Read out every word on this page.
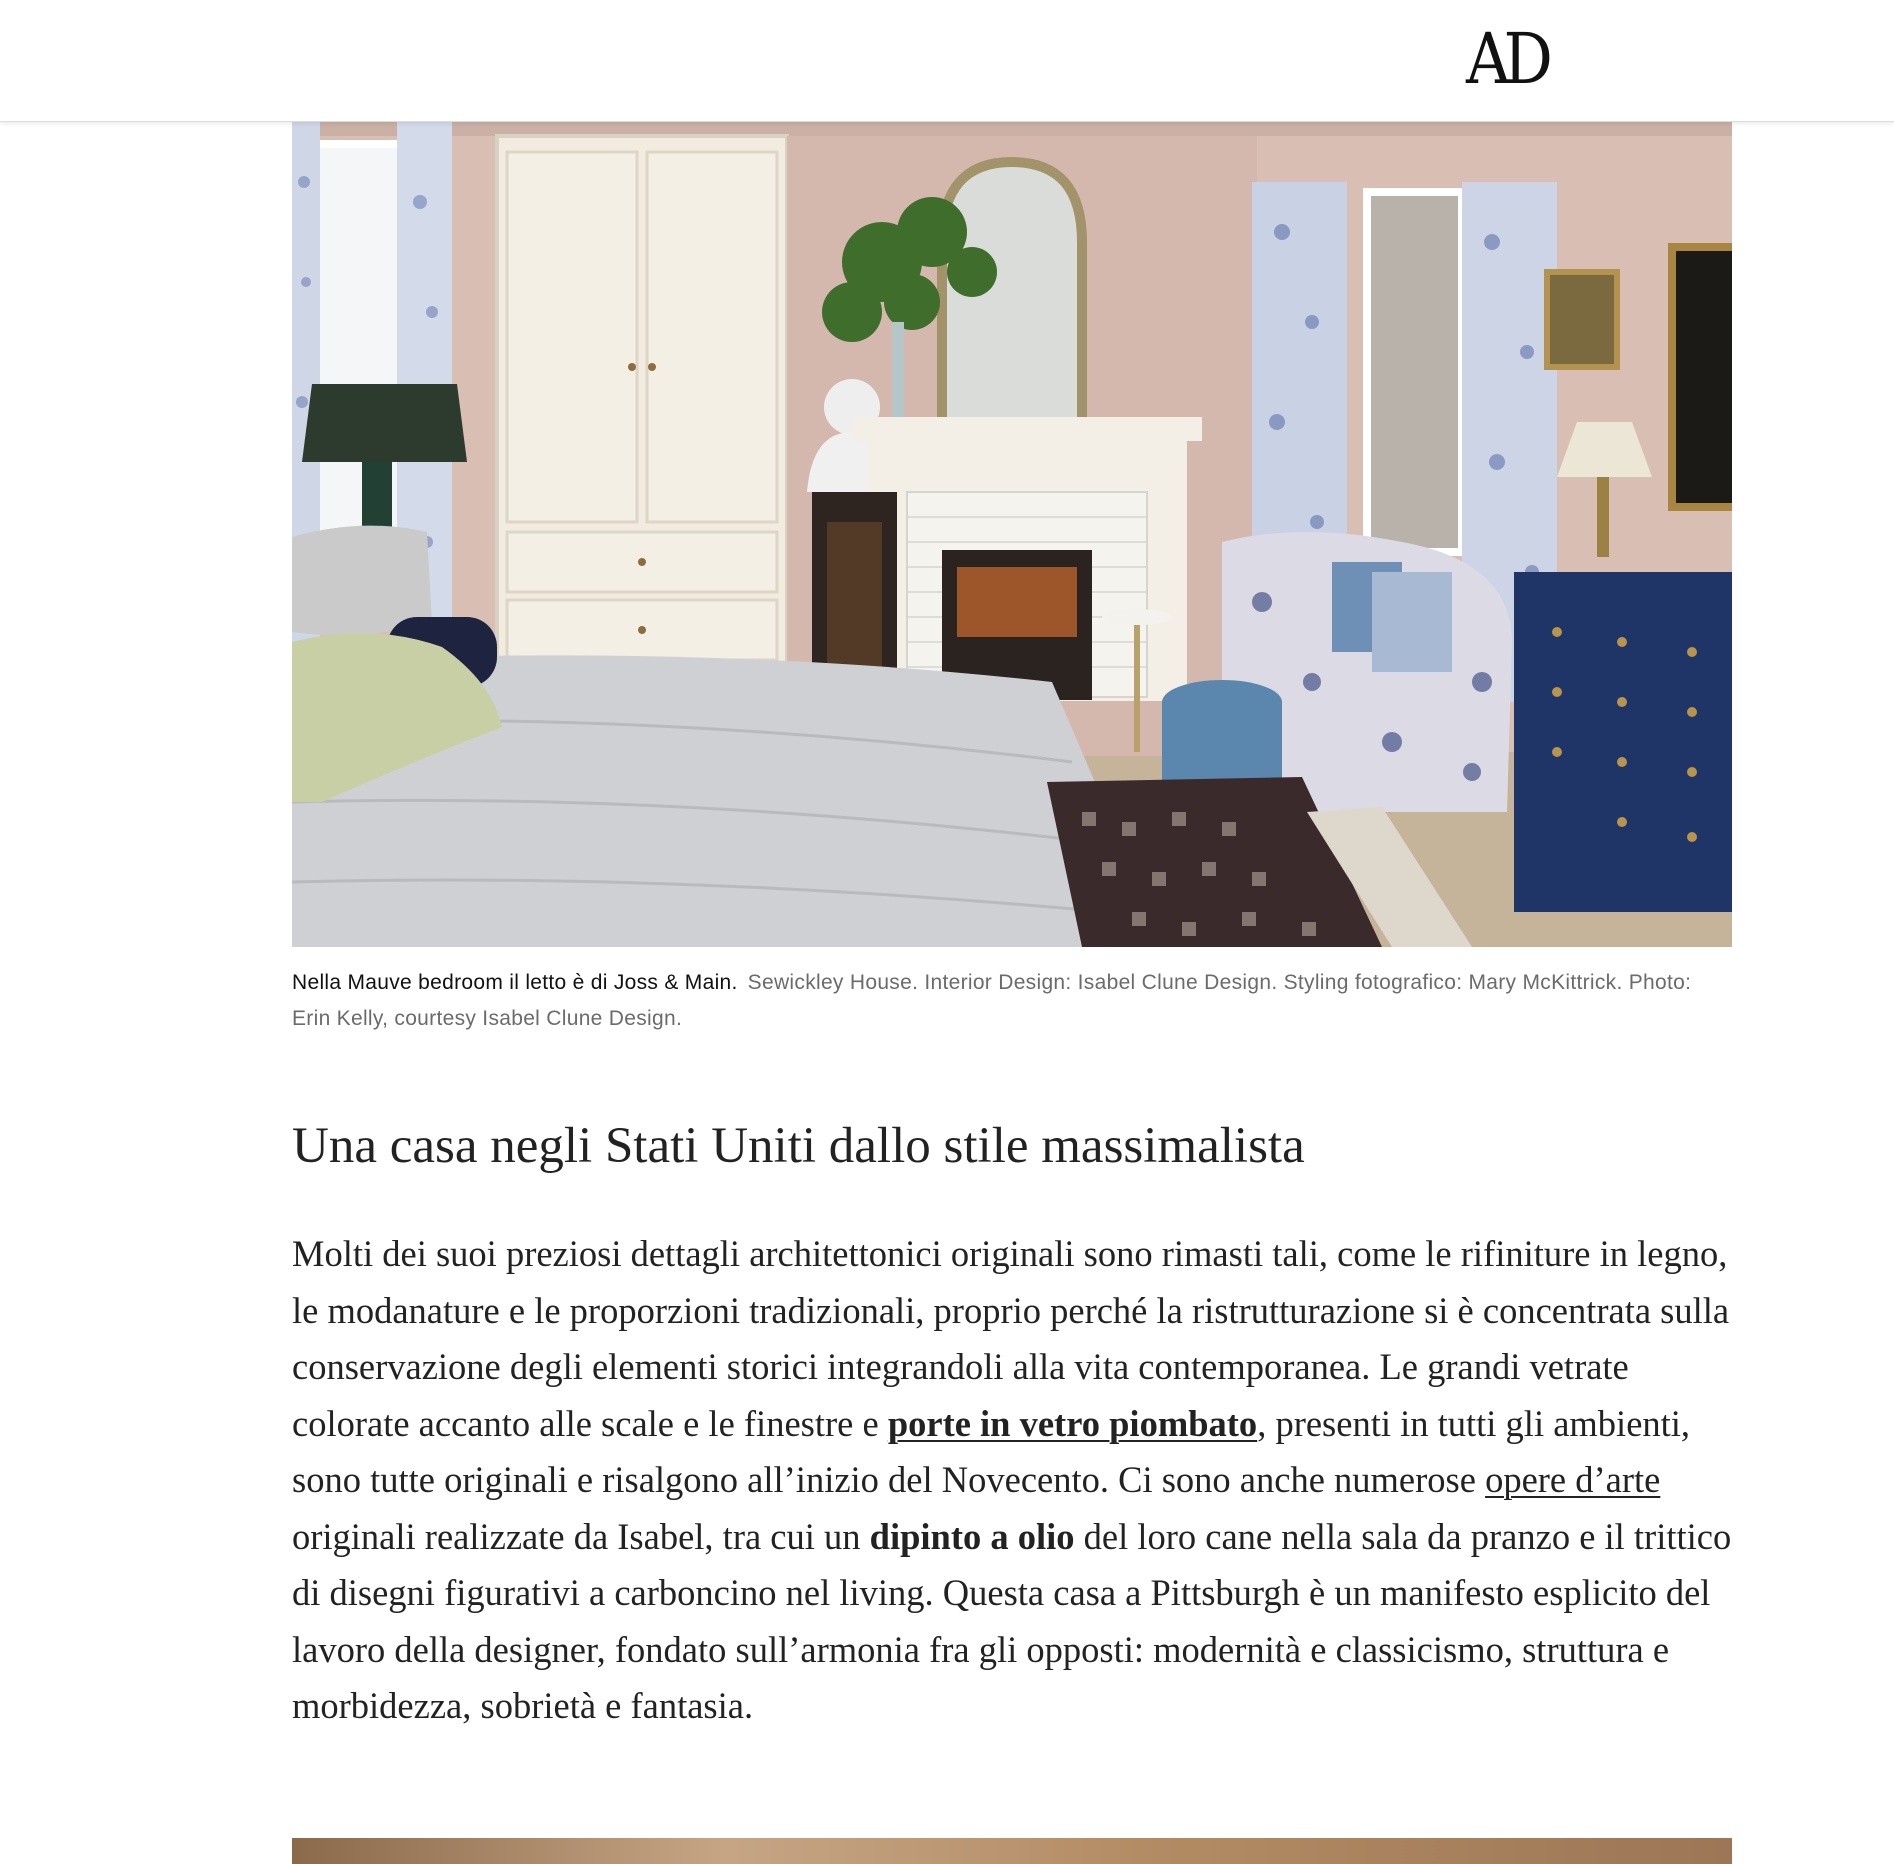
AD
Nella Mauve bedroom il letto è di Joss & Main. Sewickley House. Interior Design: Isabel Clune Design. Styling fotografico: Mary McKittrick. Photo: Erin Kelly, courtesy Isabel Clune Design.
Una casa negli Stati Uniti dallo stile massimalista

Molti dei suoi preziosi dettagli architettonici originali sono rimasti tali, come le rifiniture in legno, le modanature e le proporzioni tradizionali, proprio perché la ristrutturazione si è concentrata sulla conservazione degli elementi storici integrandoli alla vita contemporanea. Le grandi vetrate colorate accanto alle scale e le finestre e porte in vetro piombato, presenti in tutti gli ambienti, sono tutte originali e risalgono all’inizio del Novecento. Ci sono anche numerose opere d’arte originali realizzate da Isabel, tra cui un dipinto a olio del loro cane nella sala da pranzo e il trittico di disegni figurativi a carboncino nel living. Questa casa a Pittsburgh è un manifesto esplicito del lavoro della designer, fondato sull’armonia fra gli opposti: modernità e classicismo, struttura e morbidezza, sobrietà e fantasia.
